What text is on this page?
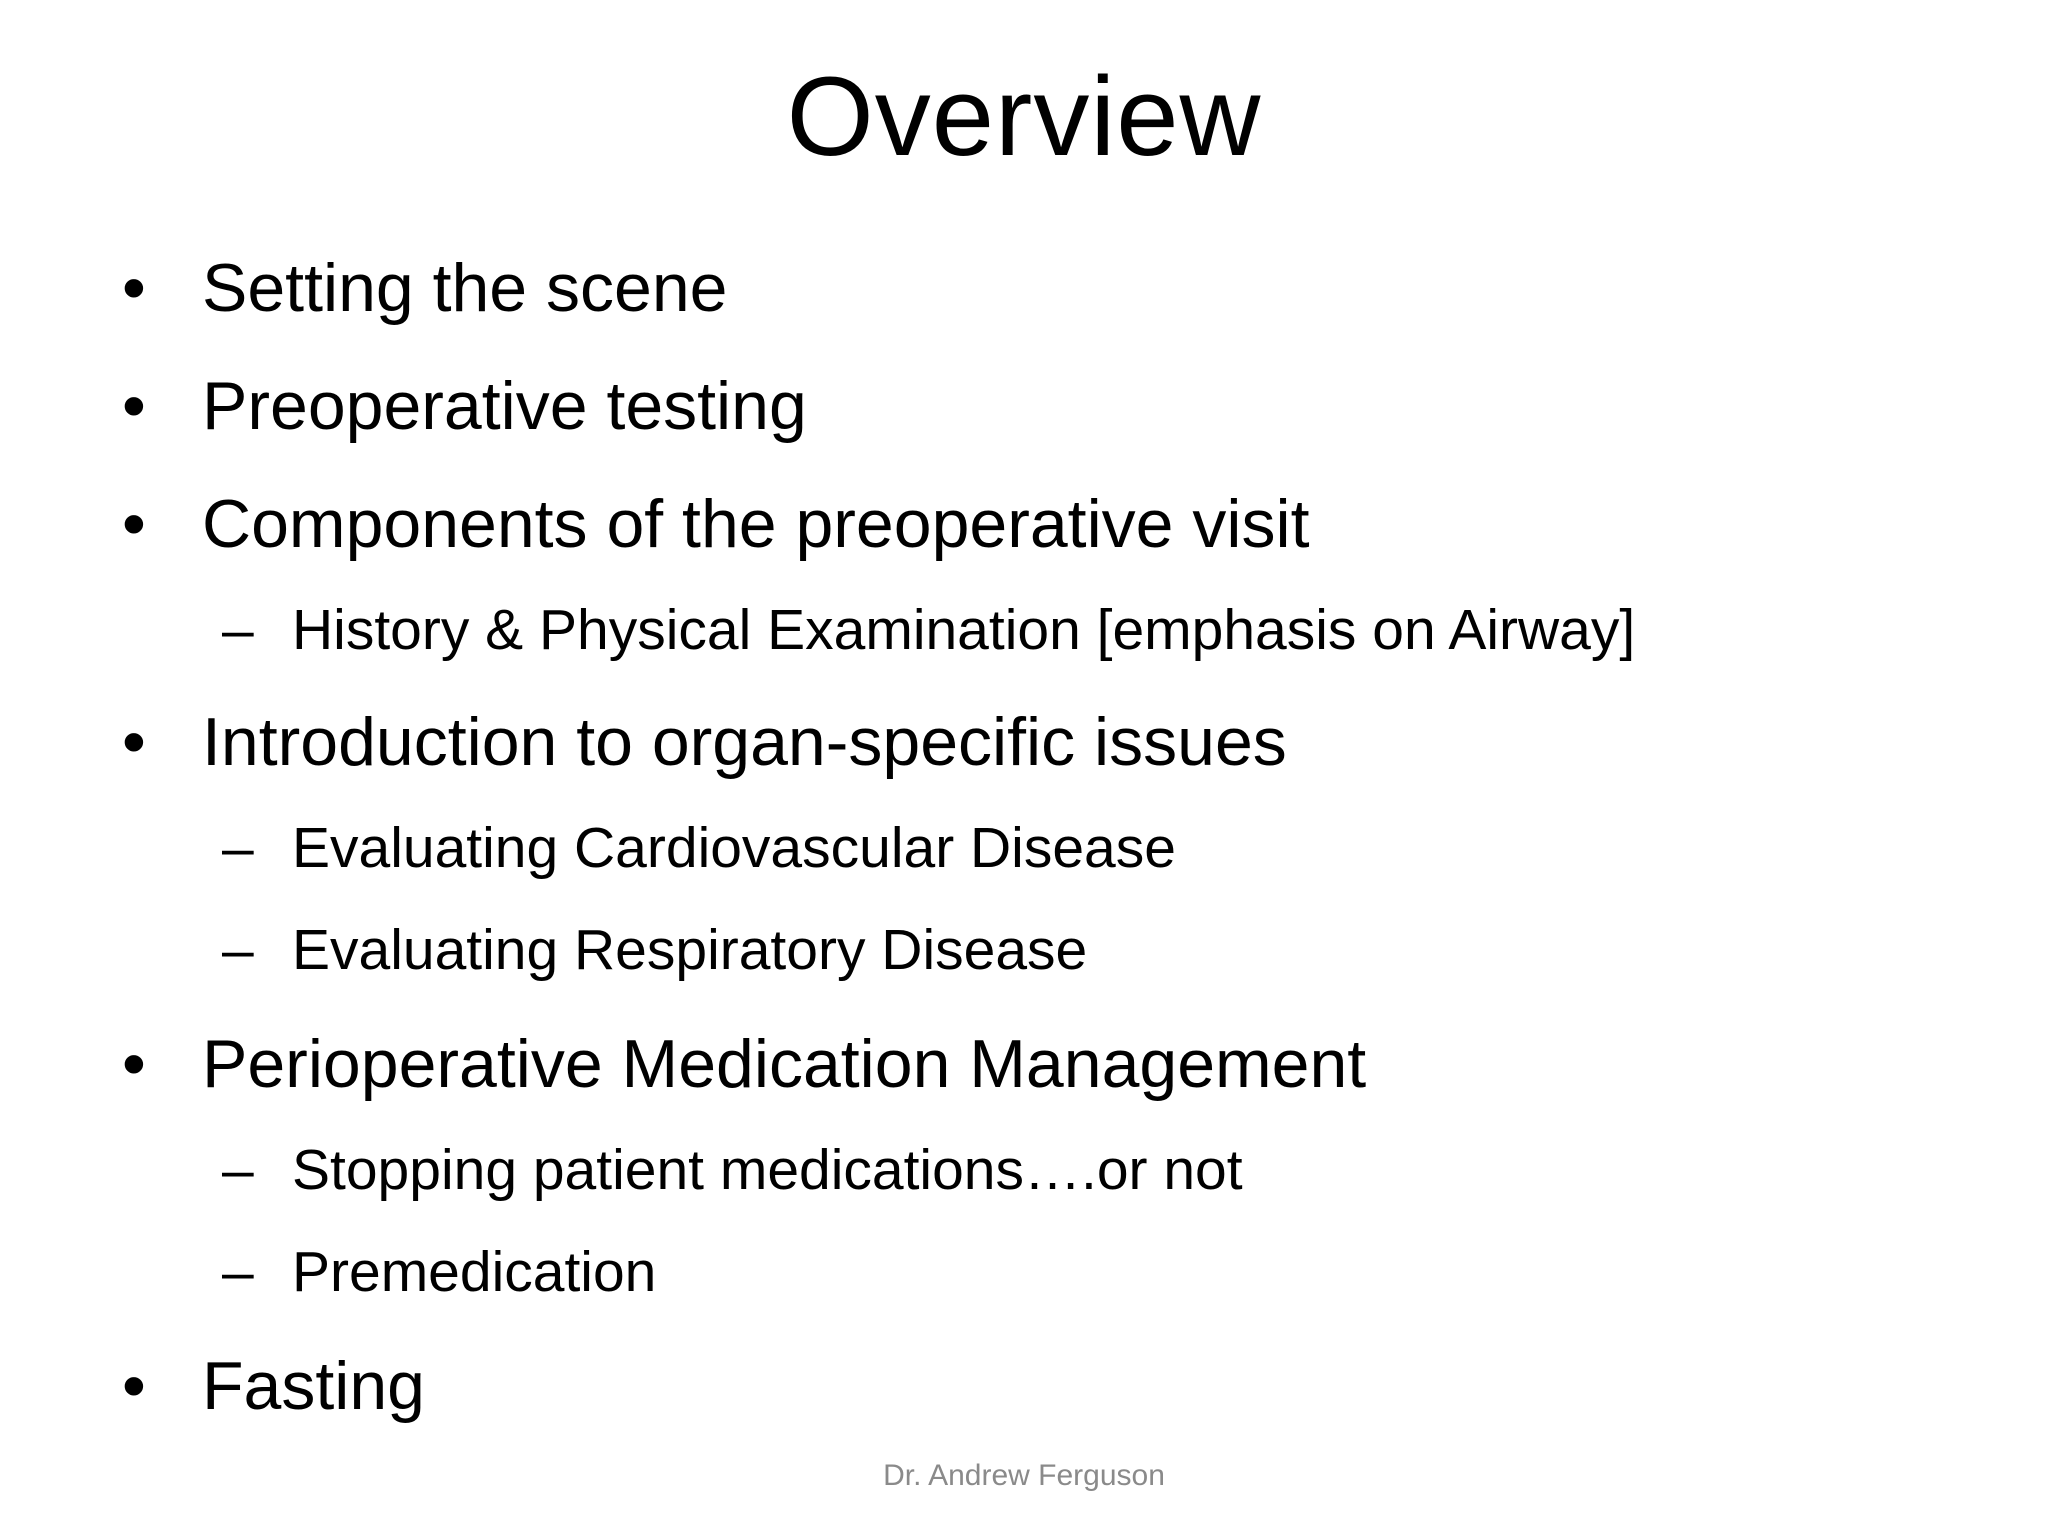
Overview
• Setting the scene
• Preoperative testing
• Components of the preoperative visit
– History & Physical Examination [emphasis on Airway]
• Introduction to organ-specific issues
– Evaluating Cardiovascular Disease
– Evaluating Respiratory Disease
• Perioperative Medication Management
– Stopping patient medications….or not
– Premedication
• Fasting
Dr. Andrew Ferguson
